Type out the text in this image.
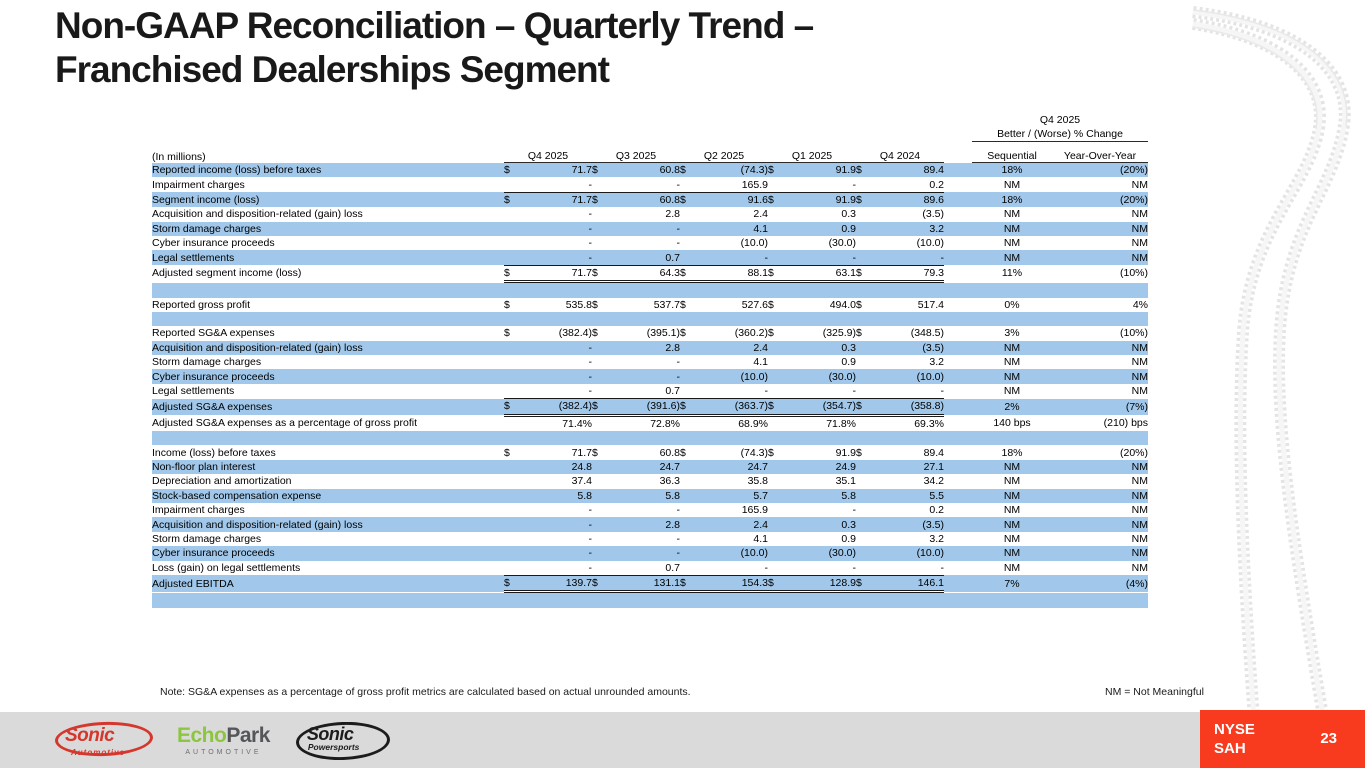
Non-GAAP Reconciliation – Quarterly Trend –
Franchised Dealerships Segment
												Q4 2025	
												Better / (Worse) % Change	
(In millions)	Q4 2025		Q3 2025		Q2 2025		Q1 2025		Q4 2024			Sequential	Year-Over-Year
Reported income (loss) before taxes	$	71.7	$	60.8	$	(74.3)	$	91.9	$	89.4		18%	(20%)
Impairment charges		-		-		165.9		-		0.2		NM	NM
Segment income (loss)	$	71.7	$	60.8	$	91.6	$	91.9	$	89.6		18%	(20%)
Acquisition and disposition-related (gain) loss		-		2.8		2.4		0.3		(3.5)		NM	NM
Storm damage charges		-		-		4.1		0.9		3.2		NM	NM
Cyber insurance proceeds		-		-		(10.0)		(30.0)		(10.0)		NM	NM
Legal settlements		-		0.7		-		-		-		NM	NM
Adjusted segment income (loss)	$	71.7	$	64.3	$	88.1	$	63.1	$	79.3		11%	(10%)

Reported gross profit	$	535.8	$	537.7	$	527.6	$	494.0	$	517.4		0%	4%

Reported SG&A expenses	$	(382.4)	$	(395.1)	$	(360.2)	$	(325.9)	$	(348.5)		3%	(10%)
Acquisition and disposition-related (gain) loss		-		2.8		2.4		0.3		(3.5)		NM	NM
Storm damage charges		-		-		4.1		0.9		3.2		NM	NM
Cyber insurance proceeds		-		-		(10.0)		(30.0)		(10.0)		NM	NM
Legal settlements		-		0.7		-		-		-		NM	NM
Adjusted SG&A expenses	$	(382.4)	$	(391.6)	$	(363.7)	$	(354.7)	$	(358.8)		2%	(7%)
Adjusted SG&A expenses as a percentage of gross profit		71.4%		72.8%		68.9%		71.8%		69.3%		140 bps	(210) bps

Income (loss) before taxes	$	71.7	$	60.8	$	(74.3)	$	91.9	$	89.4		18%	(20%)
Non-floor plan interest		24.8		24.7		24.7		24.9		27.1		NM	NM
Depreciation and amortization		37.4		36.3		35.8		35.1		34.2		NM	NM
Stock-based compensation expense		5.8		5.8		5.7		5.8		5.5		NM	NM
Impairment charges		-		-		165.9		-		0.2		NM	NM
Acquisition and disposition-related (gain) loss		-		2.8		2.4		0.3		(3.5)		NM	NM
Storm damage charges		-		-		4.1		0.9		3.2		NM	NM
Cyber insurance proceeds		-		-		(10.0)		(30.0)		(10.0)		NM	NM
Loss (gain) on legal settlements		-		0.7		-		-		-		NM	NM
Adjusted EBITDA	$	139.7	$	131.1	$	154.3	$	128.9	$	146.1		7%	(4%)

Note: SG&A expenses as a percentage of gross profit metrics are calculated based on actual unrounded amounts.	NM = Not Meaningful
Sonic
Automotive
EchoPark
AUTOMOTIVE
Sonic
Powersports
NYSE
SAH
23
